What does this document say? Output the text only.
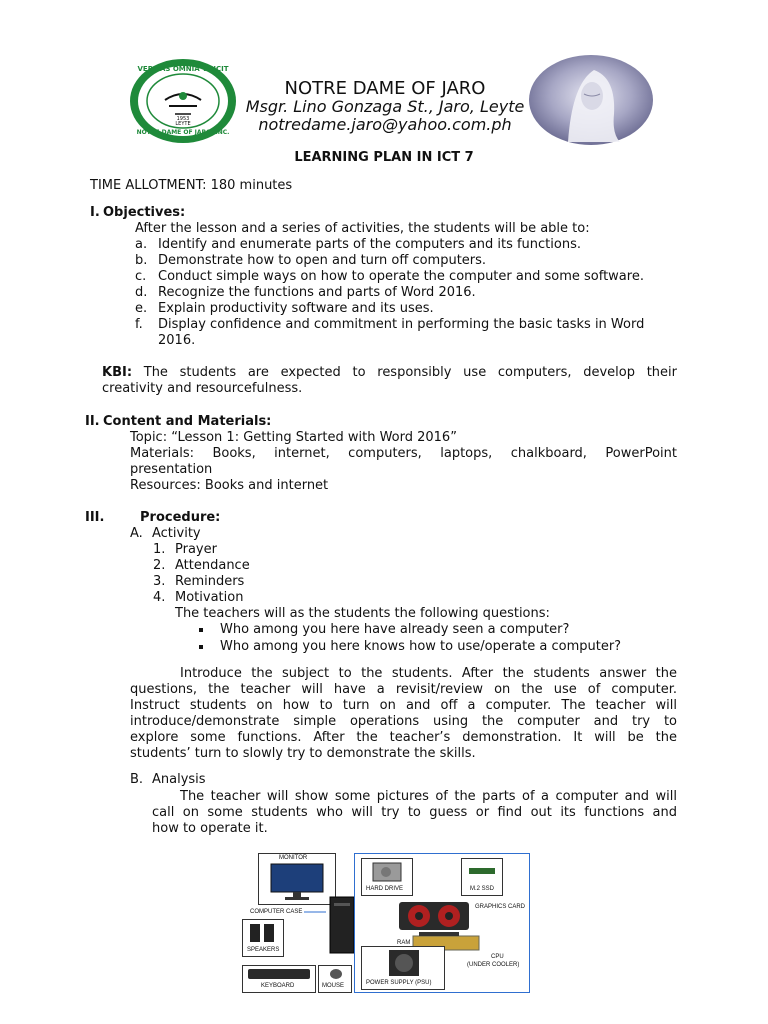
VERITAS OMNIA VINCIT
NOTRE DAME OF JARO, INC.
1953
LEYTE
NOTRE DAME OF JARO
Msgr. Lino Gonzaga St., Jaro, Leyte
notredame.jaro@yahoo.com.ph
LEARNING PLAN IN ICT 7
TIME ALLOTMENT: 180 minutes
I. Objectives:
After the lesson and a series of activities, the students will be able to:
a. Identify and enumerate parts of the computers and its functions.
b. Demonstrate how to open and turn off computers.
c. Conduct simple ways on how to operate the computer and some software.
d. Recognize the functions and parts of Word 2016.
e. Explain productivity software and its uses.
f. Display confidence and commitment in performing the basic tasks in Word
2016.
KBI: The students are expected to responsibly use computers, develop their
creativity and resourcefulness.
II. Content and Materials:
Topic: “Lesson 1: Getting Started with Word 2016”
Materials: Books, internet, computers, laptops, chalkboard, PowerPoint
presentation
Resources: Books and internet
III.	Procedure:
A. Activity
1. Prayer
2. Attendance
3. Reminders
4. Motivation
The teachers will as the students the following questions:
Who among you here have already seen a computer?
Who among you here knows how to use/operate a computer?
Introduce the subject to the students. After the students answer the
questions, the teacher will have a revisit/review on the use of computer.
Instruct students on how to turn on and off a computer. The teacher will
introduce/demonstrate simple operations using the computer and try to
explore some functions. After the teacher’s demonstration. It will be the
students’ turn to slowly try to demonstrate the skills.
B. Analysis
The teacher will show some pictures of the parts of a computer and will
call on some students who will try to guess or find out its functions and
how to operate it.
MONITOR
COMPUTER CASE
SPEAKERS
KEYBOARD	MOUSE
HARD DRIVE	M.2 SSD
GRAPHICS CARD
RAM
CPU
(UNDER COOLER)
POWER SUPPLY (PSU)
